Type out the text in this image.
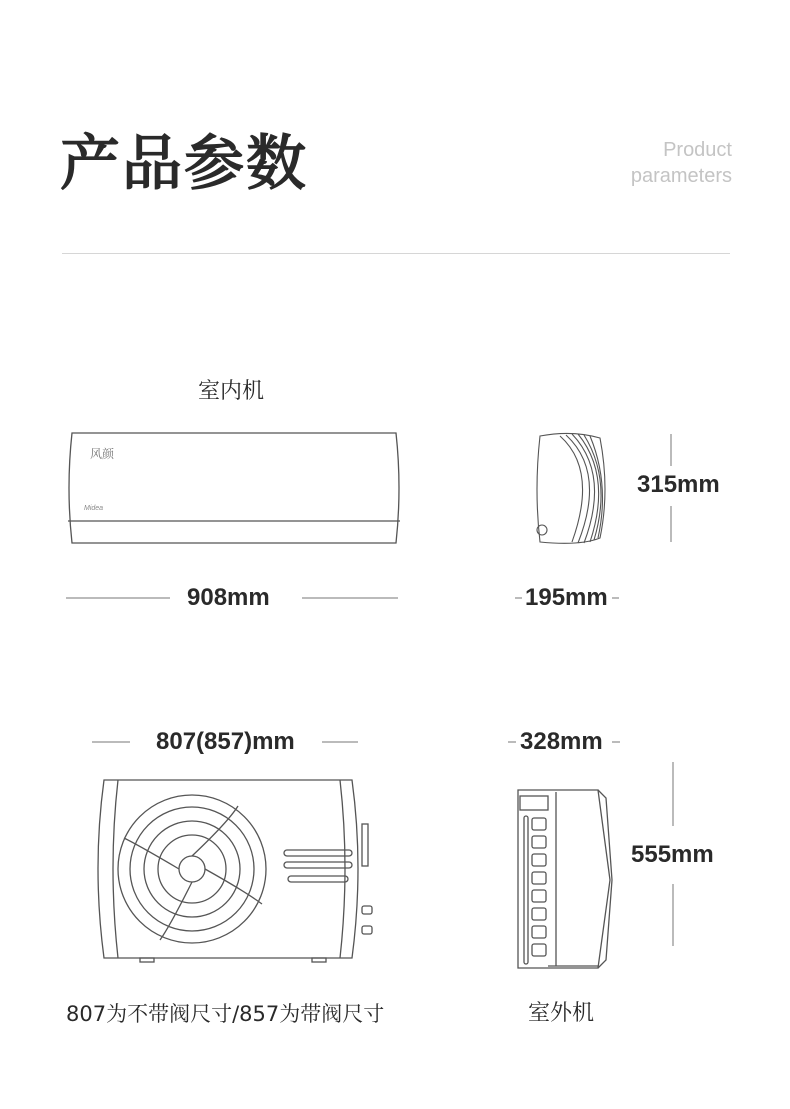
产品参数	Product
parameters
室内机
风颜
Midea
908mm	195mm
315mm
807(857)mm	328mm
555mm
807为不带阀尺寸/857为带阀尺寸	室外机
